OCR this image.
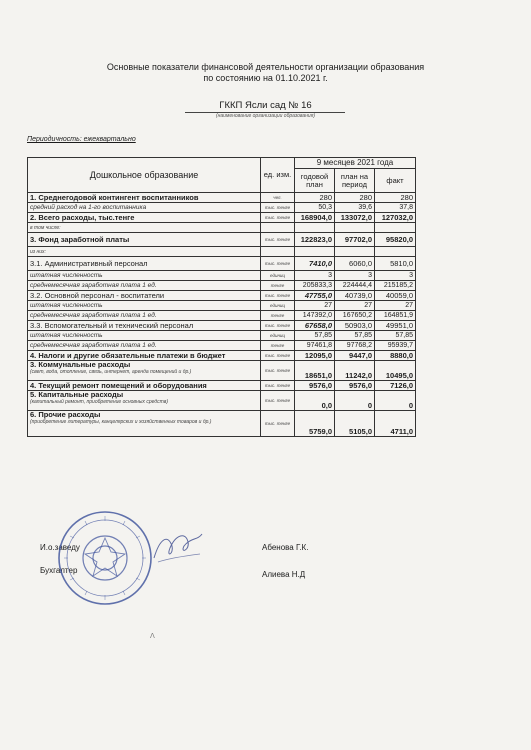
Основные показатели финансовой деятельности организации образования
по состоянию на 01.10.2021 г.
ГККП Ясли сад № 16
(наименование организации образования)
Периодичность: ежеквартально
Дошкольное образование	ед. изм.	9 месяцев 2021 года		
		годовой план	план на период	факт
1. Среднегодовой контингент воспитанников	чел.	280	280	280
средний расход на 1-го воспитанника	тыс. тенге	50,3	39,6	37,8
2. Всего расходы, тыс.тенге	тыс. тенге	168904,0	133072,0	127032,0
в том числе:				
3. Фонд заработной платы	тыс. тенге	122823,0	97702,0	95820,0
из них:				
3.1. Административный персонал	тыс. тенге	7410,0	6060,0	5810,0
штатная численность	единиц	3	3	3
среднемесячная заработная плата 1 ед.	тенге	205833,3	224444,4	215185,2
3.2. Основной персонал - воспитатели	тыс. тенге	47755,0	40739,0	40059,0
штатная численность	единиц	27	27	27
среднемесячная заработная плата 1 ед.	тенге	147392,0	167650,2	164851,9
3.3. Вспомогательный и технический персонал	тыс. тенге	67658,0	50903,0	49951,0
штатная численность	единиц	57,85	57,85	57,85
среднемесячная заработная плата 1 ед.	тенге	97461,8	97768,2	95939,7
4. Налоги и другие обязательные платежи в бюджет	тыс. тенге	12095,0	9447,0	8880,0
3. Коммунальные расходы
(свет, вода, отопление, связь, интернет, аренда помещений и др.)	тыс. тенге	18651,0	11242,0	10495,0
4. Текущий ремонт помещений и оборудования	тыс. тенге	9576,0	9576,0	7126,0
5. Капитальные расходы
(капитальный ремонт, приобретение основных средств)	тыс. тенге	0,0	0	0
6. Прочие расходы
(приобретение литературы, канцелярских и хозяйственных товаров и др.)	тыс. тенге	5759,0	5105,0	4711,0
И.о.заведу
Бухгалтер
Абенова Г.К.
Алиева Н.Д
ⴷ
